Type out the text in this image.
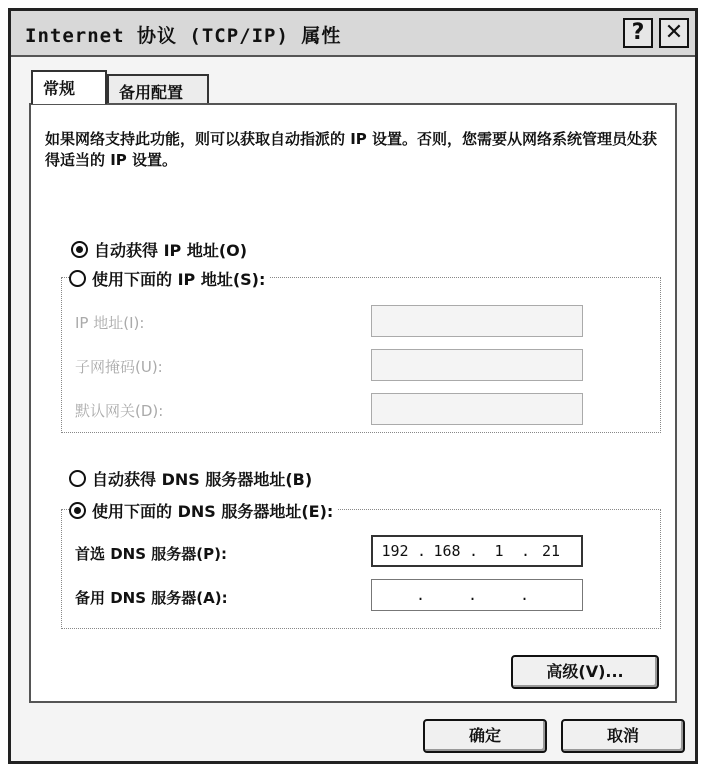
Internet 协议 (TCP/IP) 属性	? ✕
常规	备用配置
如果网络支持此功能，则可以获取自动指派的 IP 设置。否则，您需要从网络系统管理员处获得适当的 IP 设置。
自动获得 IP 地址(O)
使用下面的 IP 地址(S):
IP 地址(I):
子网掩码(U):
默认网关(D):
自动获得 DNS 服务器地址(B)
使用下面的 DNS 服务器地址(E):
首选 DNS 服务器(P):	192 . 168 .	1	. 21
备用 DNS 服务器(A):	.	.	.
高级(V)...
确定	取消
